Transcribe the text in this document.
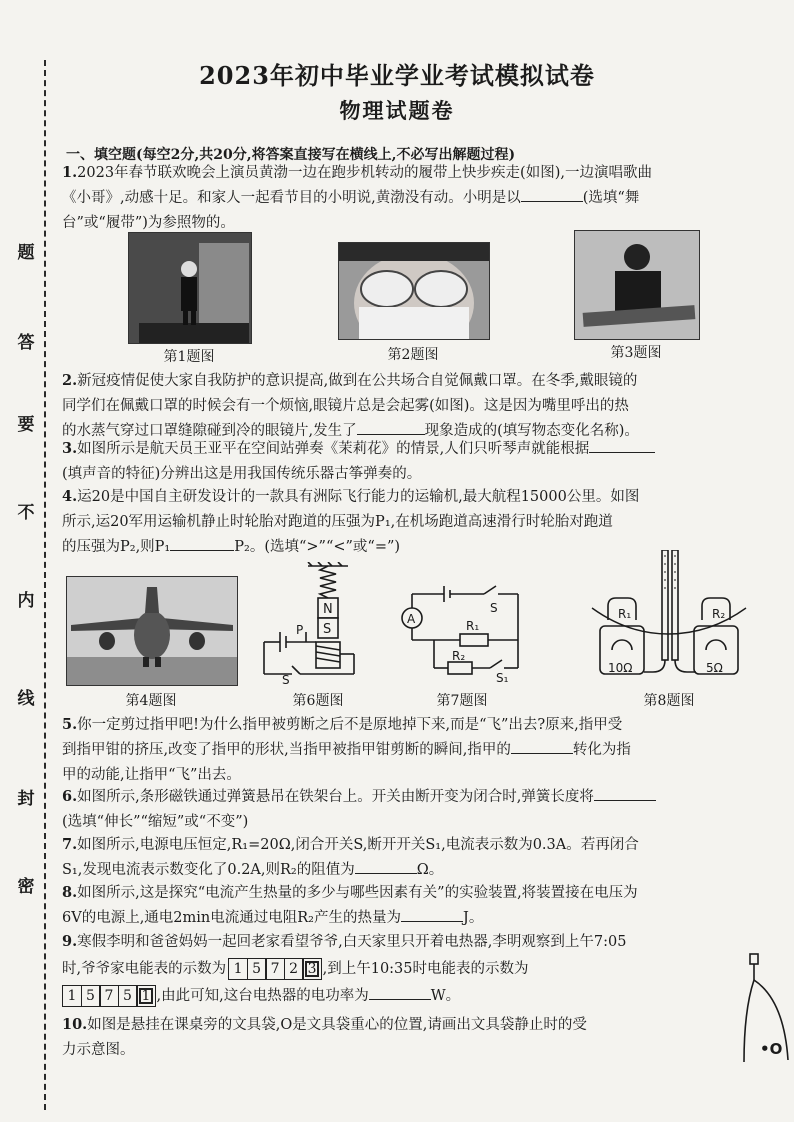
题
答
要
不
内
线
封
密
2023年初中毕业学业考试模拟试卷
物理试题卷
一、填空题(每空2分,共20分,将答案直接写在横线上,不必写出解题过程)
1.2023年春节联欢晚会上演员黄渤一边在跑步机转动的履带上快步疾走(如图),一边演唱歌曲
《小哥》,动感十足。和家人一起看节目的小明说,黄渤没有动。小明是以	(选填“舞
台”或“履带”)为参照物的。
第1题图	第2题图	第3题图
2.新冠疫情促使大家自我防护的意识提高,做到在公共场合自觉佩戴口罩。在冬季,戴眼镜的
同学们在佩戴口罩的时候会有一个烦恼,眼镜片总是会起雾(如图)。这是因为嘴里呼出的热
的水蒸气穿过口罩缝隙碰到冷的眼镜片,发生了	现象造成的(填写物态变化名称)。
3.如图所示是航天员王亚平在空间站弹奏《茉莉花》的情景,人们只听琴声就能根据
(填声音的特征)分辨出这是用我国传统乐器古筝弹奏的。
4.运20是中国自主研发设计的一款具有洲际飞行能力的运输机,最大航程15000公里。如图
所示,运20军用运输机静止时轮胎对跑道的压强为P₁,在机场跑道高速滑行时轮胎对跑道
的压强为P₂,则P₁	P₂。(选填“>”“<”或“=”)
第4题图
N
S
P
S
第6题图
A
S
R₁
R₂
S₁
第7题图
R₁	R₂
10Ω	5Ω
第8题图
5.你一定剪过指甲吧!为什么指甲被剪断之后不是原地掉下来,而是“飞”出去?原来,指甲受
到指甲钳的挤压,改变了指甲的形状,当指甲被指甲钳剪断的瞬间,指甲的	转化为指
甲的动能,让指甲“飞”出去。
6.如图所示,条形磁铁通过弹簧悬吊在铁架台上。开关由断开变为闭合时,弹簧长度将
(选填“伸长”“缩短”或“不变”)
7.如图所示,电源电压恒定,R₁=20Ω,闭合开关S,断开开关S₁,电流表示数为0.3A。若再闭合
S₁,发现电流表示数变化了0.2A,则R₂的阻值为	Ω。
8.如图所示,这是探究“电流产生热量的多少与哪些因素有关”的实验装置,将装置接在电压为
6V的电源上,通电2min电流通过电阻R₂产生的热量为	J。
9.寒假李明和爸爸妈妈一起回老家看望爷爷,白天家里只开着电热器,李明观察到上午7:05
时,爷爷家电能表的示数为 1 5 7 2 3 ,到上午10:35时电能表的示数为
1 5 7 5 1 ,由此可知,这台电热器的电功率为	W。
10.如图是悬挂在课桌旁的文具袋,O是文具袋重心的位置,请画出文具袋静止时的受
力示意图。	•O
